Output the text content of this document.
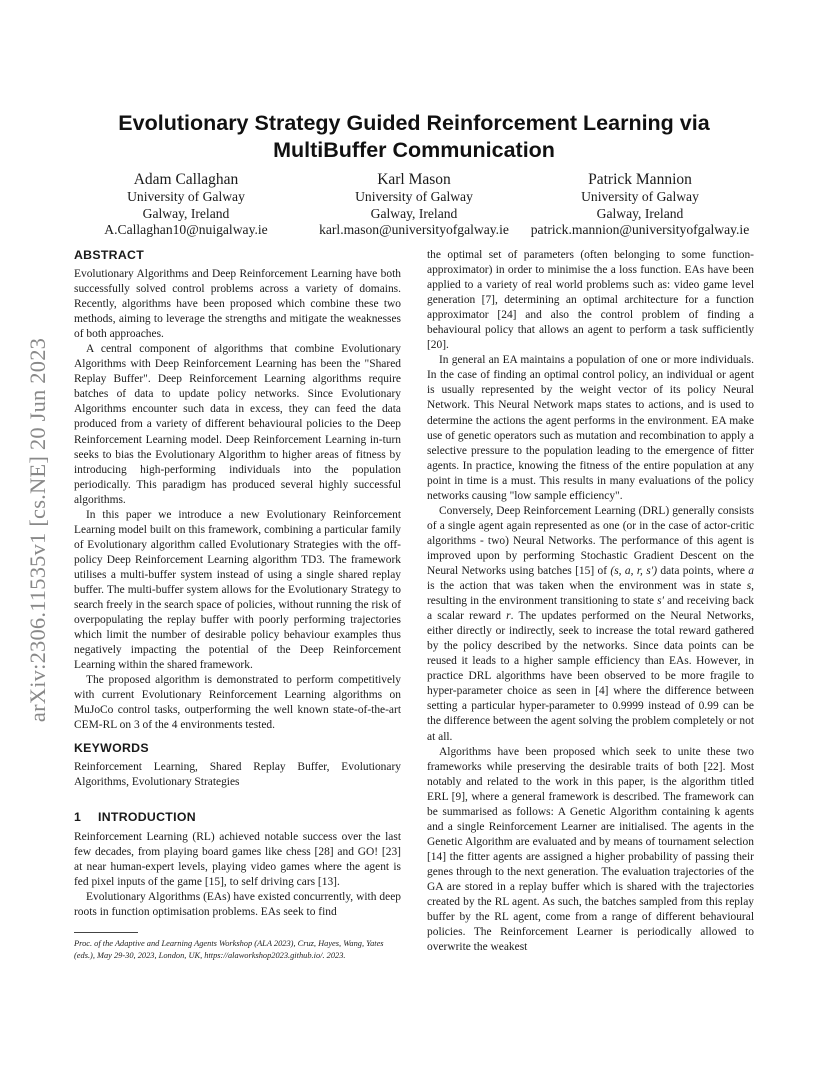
arXiv:2306.11535v1 [cs.NE] 20 Jun 2023
Evolutionary Strategy Guided Reinforcement Learning via
MultiBuffer Communication
Adam Callaghan
University of Galway
Galway, Ireland
A.Callaghan10@nuigalway.ie
Karl Mason
University of Galway
Galway, Ireland
karl.mason@universityofgalway.ie
Patrick Mannion
University of Galway
Galway, Ireland
patrick.mannion@universityofgalway.ie
ABSTRACT

Evolutionary Algorithms and Deep Reinforcement Learning have both successfully solved control problems across a variety of domains. Recently, algorithms have been proposed which combine these two methods, aiming to leverage the strengths and mitigate the weaknesses of both approaches.

A central component of algorithms that combine Evolutionary Algorithms with Deep Reinforcement Learning has been the "Shared Replay Buffer". Deep Reinforcement Learning algorithms require batches of data to update policy networks. Since Evolutionary Algorithms encounter such data in excess, they can feed the data produced from a variety of different behavioural policies to the Deep Reinforcement Learning model. Deep Reinforcement Learning in-turn seeks to bias the Evolutionary Algorithm to higher areas of fitness by introducing high-performing individuals into the population periodically. This paradigm has produced several highly successful algorithms.

In this paper we introduce a new Evolutionary Reinforcement Learning model built on this framework, combining a particular family of Evolutionary algorithm called Evolutionary Strategies with the off-policy Deep Reinforcement Learning algorithm TD3. The framework utilises a multi-buffer system instead of using a single shared replay buffer. The multi-buffer system allows for the Evolutionary Strategy to search freely in the search space of policies, without running the risk of overpopulating the replay buffer with poorly performing trajectories which limit the number of desirable policy behaviour examples thus negatively impacting the potential of the Deep Reinforcement Learning within the shared framework.

The proposed algorithm is demonstrated to perform competitively with current Evolutionary Reinforcement Learning algorithms on MuJoCo control tasks, outperforming the well known state-of-the-art CEM-RL on 3 of the 4 environments tested.

KEYWORDS

Reinforcement Learning, Shared Replay Buffer, Evolutionary Algorithms, Evolutionary Strategies

1 INTRODUCTION

Reinforcement Learning (RL) achieved notable success over the last few decades, from playing board games like chess [28] and GO! [23] at near human-expert levels, playing video games where the agent is fed pixel inputs of the game [15], to self driving cars [13].

Evolutionary Algorithms (EAs) have existed concurrently, with deep roots in function optimisation problems. EAs seek to find

Proc. of the Adaptive and Learning Agents Workshop (ALA 2023), Cruz, Hayes, Wang, Yates (eds.), May 29-30, 2023, London, UK, https://alaworkshop2023.github.io/. 2023.

the optimal set of parameters (often belonging to some function-approximator) in order to minimise the a loss function. EAs have been applied to a variety of real world problems such as: video game level generation [7], determining an optimal architecture for a function approximator [24] and also the control problem of finding a behavioural policy that allows an agent to perform a task sufficiently [20].

In general an EA maintains a population of one or more individuals. In the case of finding an optimal control policy, an individual or agent is usually represented by the weight vector of its policy Neural Network. This Neural Network maps states to actions, and is used to determine the actions the agent performs in the environment. EA make use of genetic operators such as mutation and recombination to apply a selective pressure to the population leading to the emergence of fitter agents. In practice, knowing the fitness of the entire population at any point in time is a must. This results in many evaluations of the policy networks causing "low sample efficiency".

Conversely, Deep Reinforcement Learning (DRL) generally consists of a single agent again represented as one (or in the case of actor-critic algorithms - two) Neural Networks. The performance of this agent is improved upon by performing Stochastic Gradient Descent on the Neural Networks using batches [15] of (s, a, r, s′) data points, where a is the action that was taken when the environment was in state s, resulting in the environment transitioning to state s′ and receiving back a scalar reward r. The updates performed on the Neural Networks, either directly or indirectly, seek to increase the total reward gathered by the policy described by the networks. Since data points can be reused it leads to a higher sample efficiency than EAs. However, in practice DRL algorithms have been observed to be more fragile to hyper-parameter choice as seen in [4] where the difference between setting a particular hyper-parameter to 0.9999 instead of 0.99 can be the difference between the agent solving the problem completely or not at all.

Algorithms have been proposed which seek to unite these two frameworks while preserving the desirable traits of both [22]. Most notably and related to the work in this paper, is the algorithm titled ERL [9], where a general framework is described. The framework can be summarised as follows: A Genetic Algorithm containing k agents and a single Reinforcement Learner are initialised. The agents in the Genetic Algorithm are evaluated and by means of tournament selection [14] the fitter agents are assigned a higher probability of passing their genes through to the next generation. The evaluation trajectories of the GA are stored in a replay buffer which is shared with the trajectories created by the RL agent. As such, the batches sampled from this replay buffer by the RL agent, come from a range of different behavioural policies. The Reinforcement Learner is periodically allowed to overwrite the weakest
